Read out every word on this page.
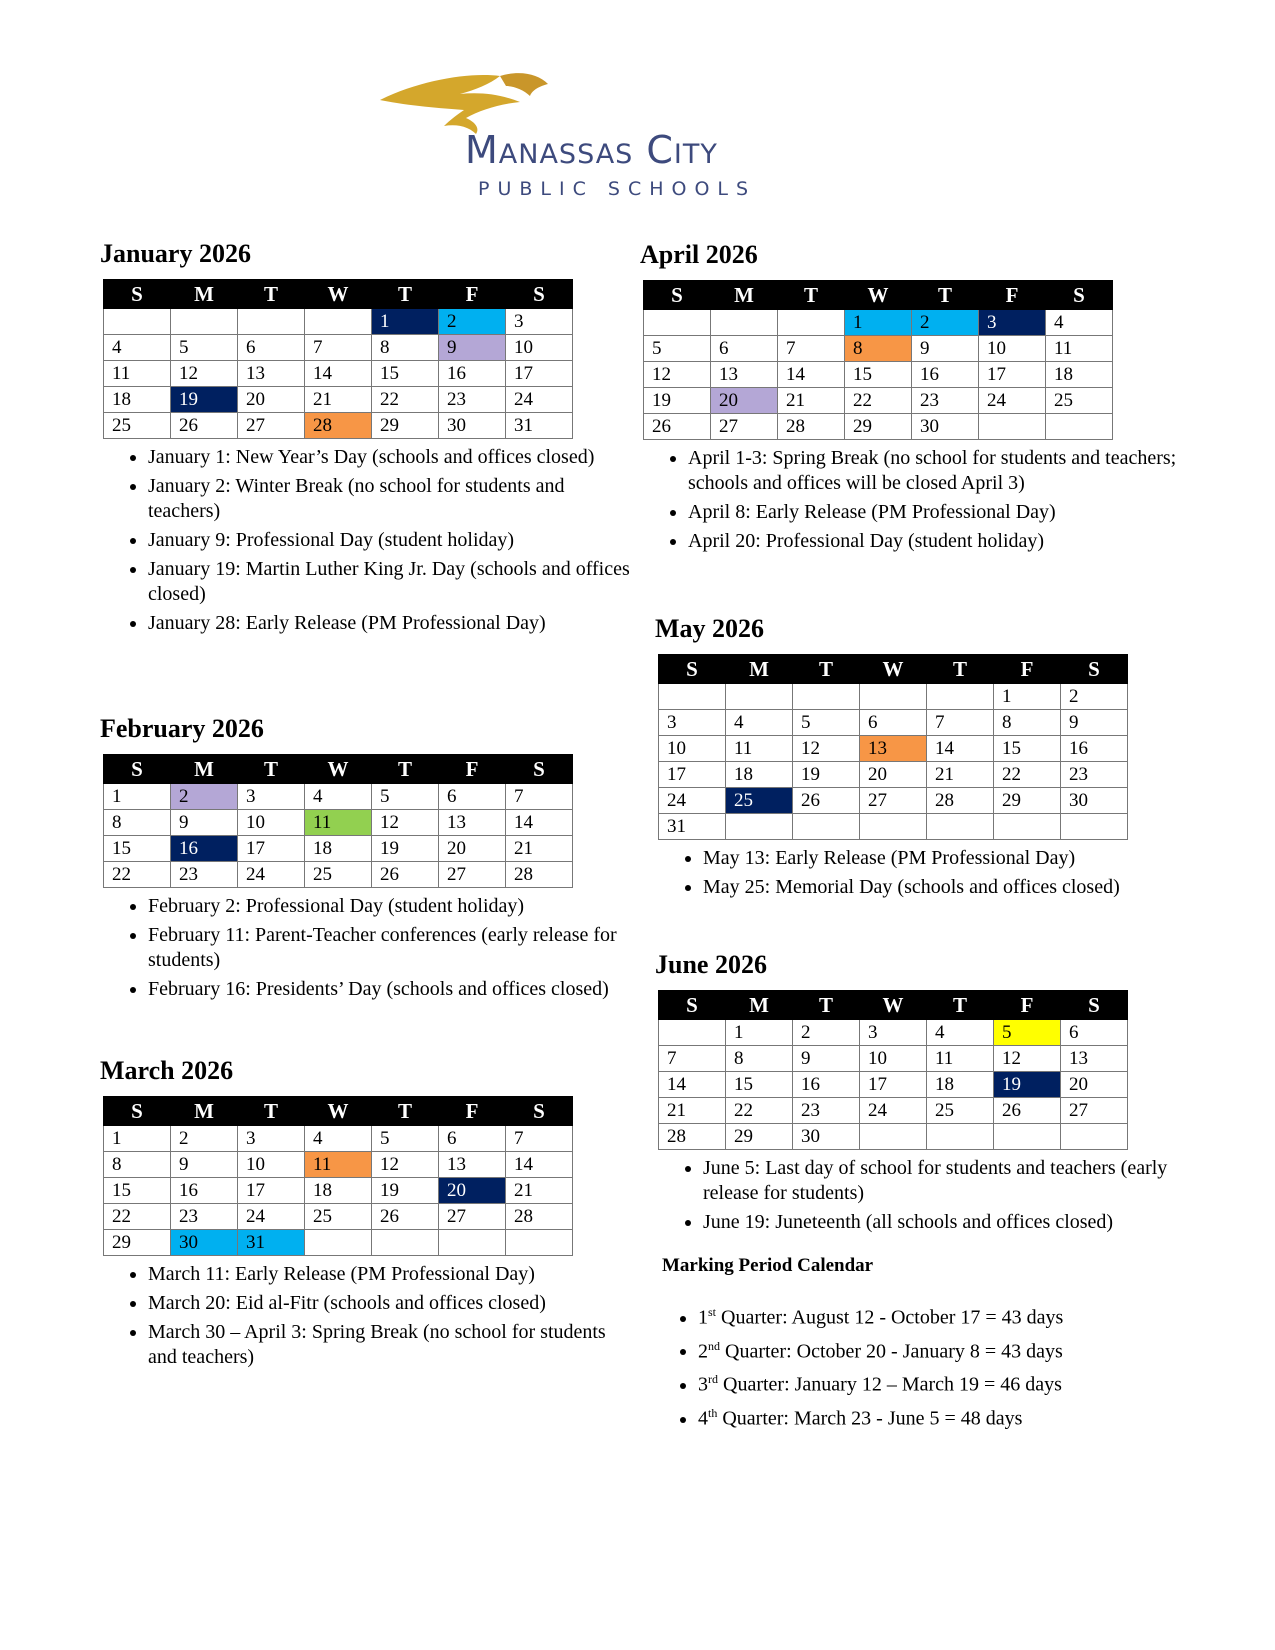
Manassas City
PUBLIC SCHOOLS
January 2026
S	M	T	W	T	F	S
				1	2	3
4	5	6	7	8	9	10
11	12	13	14	15	16	17
18	19	20	21	22	23	24
25	26	27	28	29	30	31
• January 1: New Year’s Day (schools and offices closed)
• January 2: Winter Break (no school for students and teachers)
• January 9: Professional Day (student holiday)
• January 19: Martin Luther King Jr. Day (schools and offices closed)
• January 28: Early Release (PM Professional Day)
February 2026
S	M	T	W	T	F	S
1	2	3	4	5	6	7
8	9	10	11	12	13	14
15	16	17	18	19	20	21
22	23	24	25	26	27	28
• February 2: Professional Day (student holiday)
• February 11: Parent-Teacher conferences (early release for students)
• February 16: Presidents’ Day (schools and offices closed)
March 2026
S	M	T	W	T	F	S
1	2	3	4	5	6	7
8	9	10	11	12	13	14
15	16	17	18	19	20	21
22	23	24	25	26	27	28
29	30	31				
• March 11: Early Release (PM Professional Day)
• March 20: Eid al-Fitr (schools and offices closed)
• March 30 – April 3: Spring Break (no school for students and teachers)
April 2026
S	M	T	W	T	F	S
			1	2	3	4
5	6	7	8	9	10	11
12	13	14	15	16	17	18
19	20	21	22	23	24	25
26	27	28	29	30		
• April 1-3: Spring Break (no school for students and teachers; schools and offices will be closed April 3)
• April 8: Early Release (PM Professional Day)
• April 20: Professional Day (student holiday)
May 2026
S	M	T	W	T	F	S
					1	2
3	4	5	6	7	8	9
10	11	12	13	14	15	16
17	18	19	20	21	22	23
24	25	26	27	28	29	30
31						
• May 13: Early Release (PM Professional Day)
• May 25: Memorial Day (schools and offices closed)
June 2026
S	M	T	W	T	F	S
	1	2	3	4	5	6
7	8	9	10	11	12	13
14	15	16	17	18	19	20
21	22	23	24	25	26	27
28	29	30				
• June 5: Last day of school for students and teachers (early release for students)
• June 19: Juneteenth (all schools and offices closed)
Marking Period Calendar
• 1st Quarter: August 12 - October 17 = 43 days
• 2nd Quarter: October 20 - January 8 = 43 days
• 3rd Quarter: January 12 – March 19 = 46 days
• 4th Quarter: March 23 - June 5 = 48 days
